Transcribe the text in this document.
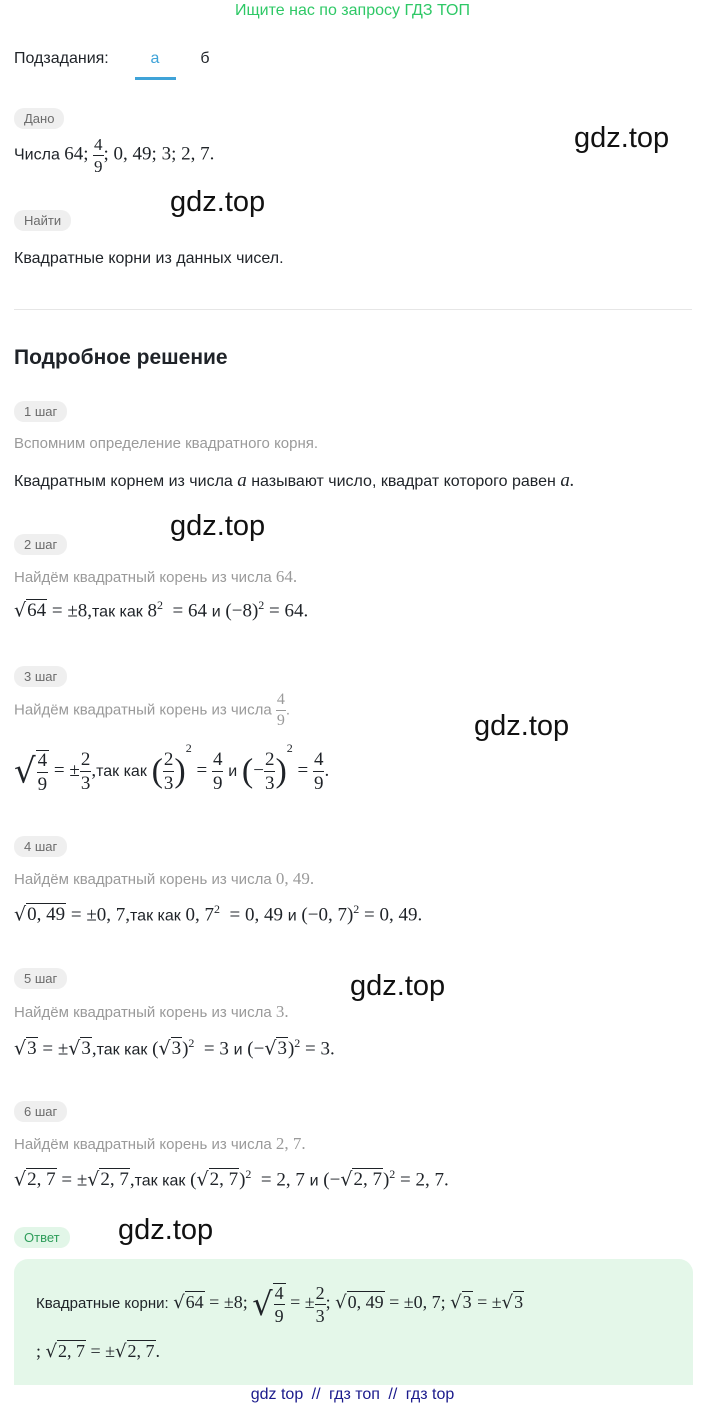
Ищите нас по запросу ГДЗ ТОП
Подзадания:	а	б
Дано
Числа 64; $\frac{4}{9}$ ; 0, 49; 3; 2, 7.
Найти
Квадратные корни из данных чисел.
Подробное решение
1 шаг
Вспомним определение квадратного корня.
Квадратным корнем из числа a называют число, квадрат которого равен a.
2 шаг
Найдём квадратный корень из числа 64.
√64 = ±8,так как $8^2 = 64$ и $(-8)^2 = 64$.
3 шаг
Найдём квадратный корень из числа $\frac{4}{9}$ .
√ $\frac{4}{9}$ = ± $\frac{2}{3} ,так$ как ( $\frac{2}{3} )^2 = \frac{4}{9}$ и (− $\frac{2}{3} )^2 = \frac{4}{9}$ .
4 шаг
Найдём квадратный корень из числа 0, 49.
√0, 49 = ±0, 7,так как 0, $7^2 = 0$, 49 и (−0, 7)$^2$ = 0, 49.
5 шаг
Найдём квадратный корень из числа 3.
√3 = ±√3,так как $(√3)^2 = 3$ и $(-√3)^2 = 3$.
6 шаг
Найдём квадратный корень из числа 2, 7.
√2, 7 = ±√2, 7,так как (√2, 7)$^2$  = 2, 7 и (−√2, 7)$^2$ = 2, 7.
Ответ
Квадратные корни: √64 = ±8; √ $\frac{4}{9}$ = ± $\frac{2}{3}$ ; √0, 49 = ±0, 7; √3 = ±√3
; √2, 7 = ±√2, 7.
gdz.top
gdz.top
gdz.top
gdz.top
gdz.top
gdz.top
gdz top // гдз топ // гдз top
